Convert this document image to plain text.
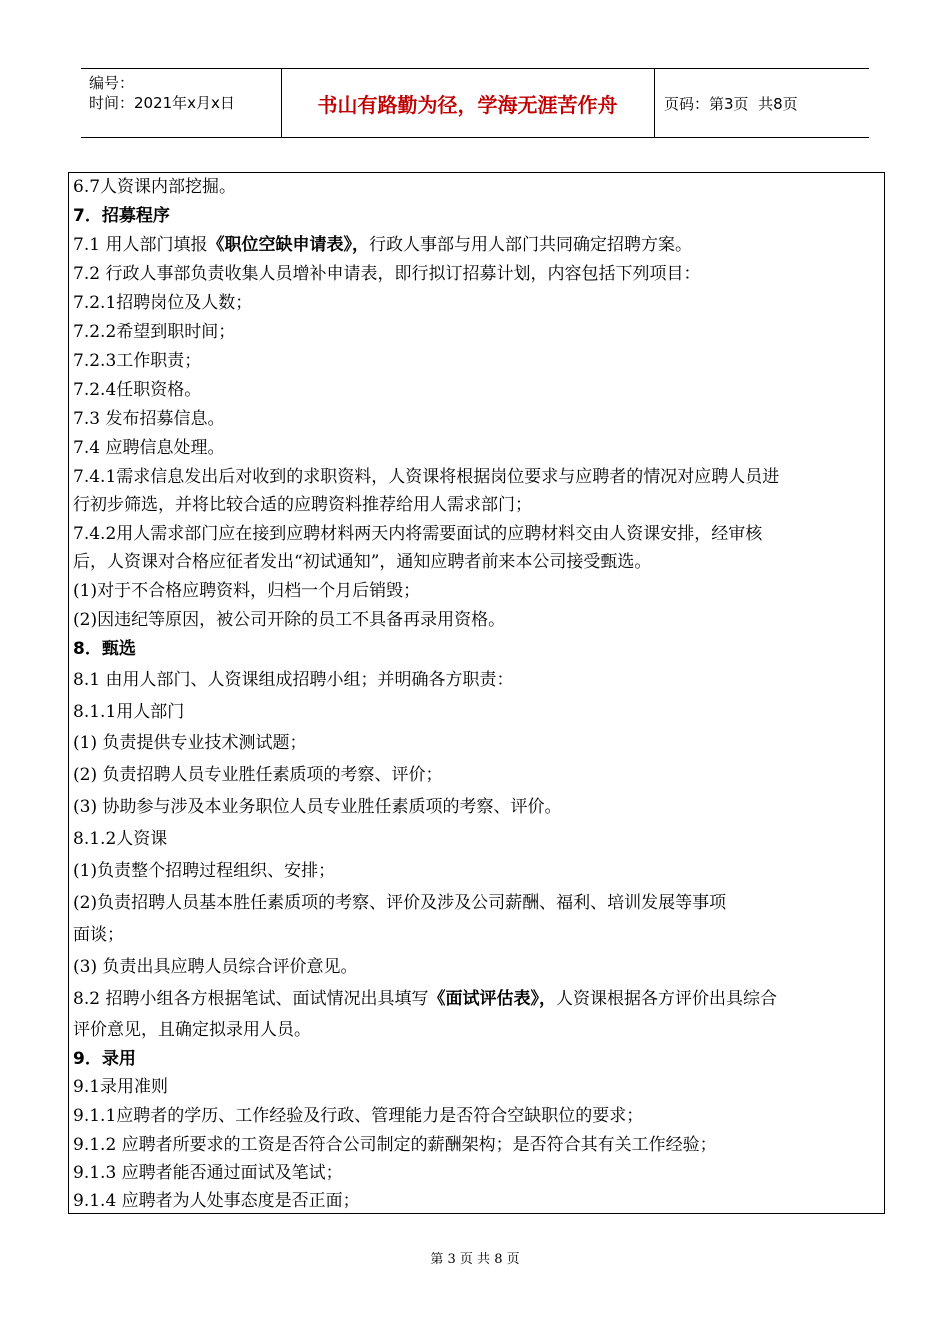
编号：
时间：2021年x月x日	书山有路勤为径，学海无涯苦作舟	页码：第3页  共8页
6.7人资课内部挖掘。
7．招募程序
7.1 用人部门填报《职位空缺申请表》，行政人事部与用人部门共同确定招聘方案。
7.2 行政人事部负责收集人员增补申请表，即行拟订招募计划，内容包括下列项目：
7.2.1招聘岗位及人数；
7.2.2希望到职时间；
7.2.3工作职责；
7.2.4任职资格。
7.3 发布招募信息。
7.4 应聘信息处理。
7.4.1需求信息发出后对收到的求职资料，人资课将根据岗位要求与应聘者的情况对应聘人员进
行初步筛选，并将比较合适的应聘资料推荐给用人需求部门；
7.4.2用人需求部门应在接到应聘材料两天内将需要面试的应聘材料交由人资课安排，经审核
后，人资课对合格应征者发出“初试通知”，通知应聘者前来本公司接受甄选。
(1)对于不合格应聘资料，归档一个月后销毁；
(2)因违纪等原因，被公司开除的员工不具备再录用资格。
8．甄选
8.1 由用人部门、人资课组成招聘小组；并明确各方职责：
8.1.1用人部门
(1) 负责提供专业技术测试题；
(2) 负责招聘人员专业胜任素质项的考察、评价；
(3) 协助参与涉及本业务职位人员专业胜任素质项的考察、评价。
8.1.2人资课
(1)负责整个招聘过程组织、安排；
(2)负责招聘人员基本胜任素质项的考察、评价及涉及公司薪酬、福利、培训发展等事项
面谈；
(3) 负责出具应聘人员综合评价意见。
8.2 招聘小组各方根据笔试、面试情况出具填写《面试评估表》，人资课根据各方评价出具综合
评价意见，且确定拟录用人员。
9．录用
9.1录用准则
9.1.1应聘者的学历、工作经验及行政、管理能力是否符合空缺职位的要求；
9.1.2 应聘者所要求的工资是否符合公司制定的薪酬架构；是否符合其有关工作经验；
9.1.3 应聘者能否通过面试及笔试；
9.1.4 应聘者为人处事态度是否正面；
第 3 页 共 8 页
